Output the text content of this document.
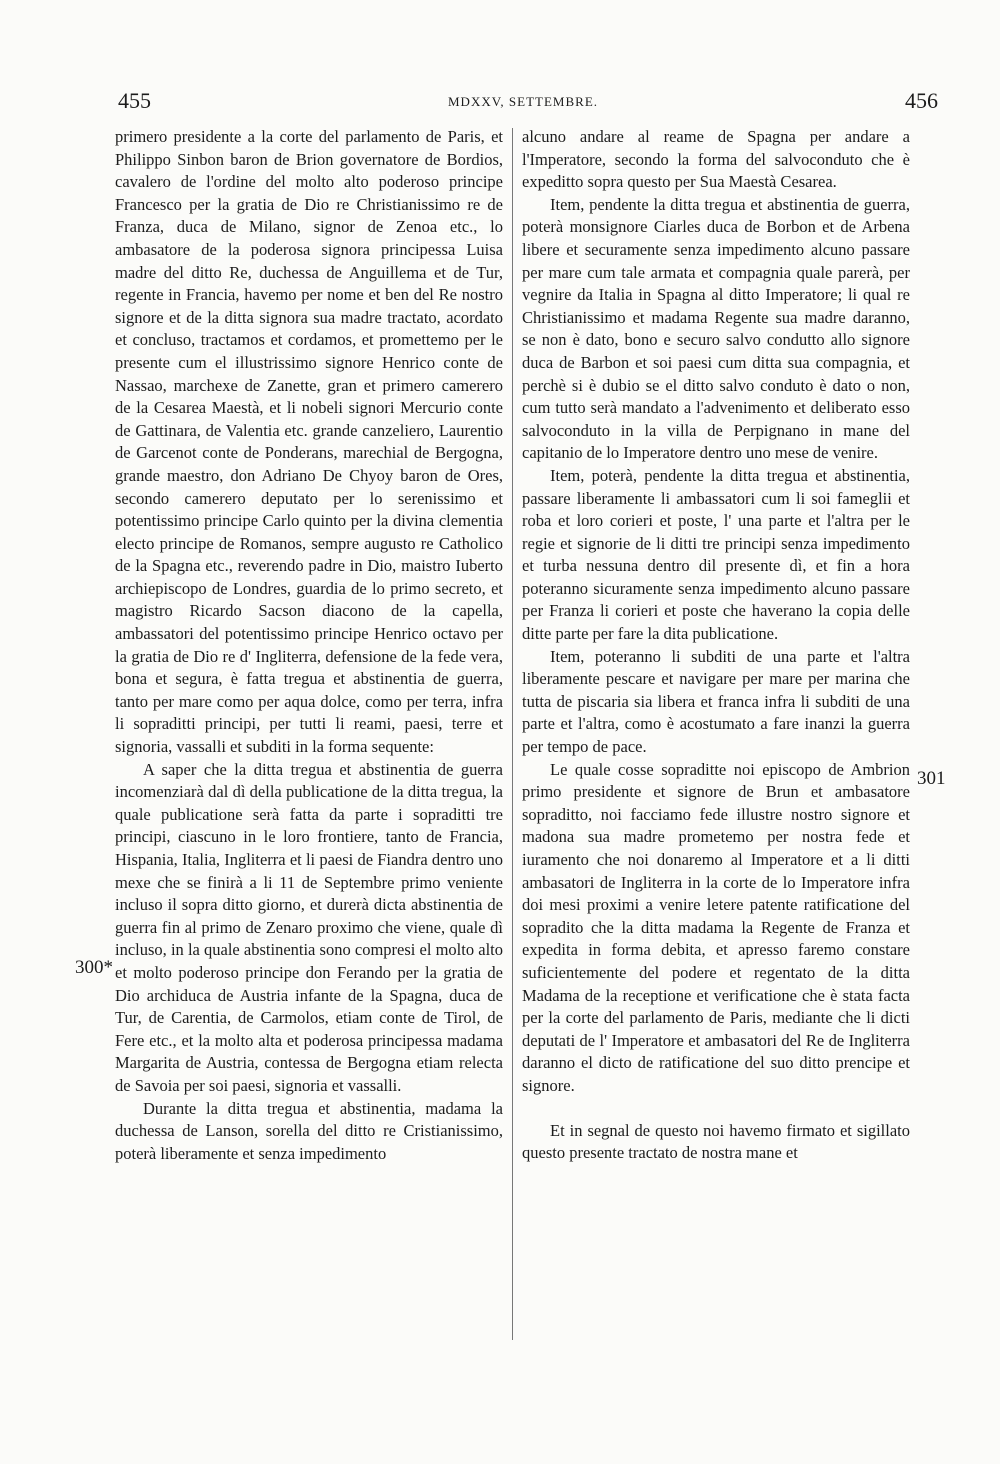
455	MDXXV, SETTEMBRE.	456
300*
301

primero presidente a la corte del parlamento de Paris, et Philippo Sinbon baron de Brion governatore de Bordios, cavalero de l'ordine del molto alto poderoso principe Francesco per la gratia de Dio re Christianissimo re de Franza, duca de Milano, signor de Zenoa etc., lo ambasatore de la poderosa signora principessa Luisa madre del ditto Re, duchessa de Anguillema et de Tur, regente in Francia, havemo per nome et ben del Re nostro signore et de la ditta signora sua madre tractato, acordato et concluso, tractamos et cordamos, et promettemo per le presente cum el illustrissimo signore Henrico conte de Nassao, marchexe de Zanette, gran et primero camerero de la Cesarea Maestà, et li nobeli signori Mercurio conte de Gattinara, de Valentia etc. grande canzeliero, Laurentio de Garcenot conte de Ponderans, marechial de Bergogna, grande maestro, don Adriano De Chyoy baron de Ores, secondo camerero deputato per lo serenissimo et potentissimo principe Carlo quinto per la divina clementia electo principe de Romanos, sempre augusto re Catholico de la Spagna etc., reverendo padre in Dio, maistro Iuberto archiepiscopo de Londres, guardia de lo primo secreto, et magistro Ricardo Sacson diacono de la capella, ambassatori del potentissimo principe Henrico octavo per la gratia de Dio re d' Ingliterra, defensione de la fede vera, bona et segura, è fatta tregua et abstinentia de guerra, tanto per mare como per aqua dolce, como per terra, infra li sopraditti principi, per tutti li reami, paesi, terre et signoria, vassalli et subditi in la forma sequente:

A saper che la ditta tregua et abstinentia de guerra incomenziarà dal dì della publicatione de la ditta tregua, la quale publicatione serà fatta da parte i sopraditti tre principi, ciascuno in le loro frontiere, tanto de Francia, Hispania, Italia, Ingliterra et li paesi de Fiandra dentro uno mexe che se finirà a li 11 de Septembre primo veniente incluso il sopra ditto giorno, et durerà dicta abstinentia de guerra fin al primo de Zenaro proximo che viene, quale dì incluso, in la quale abstinentia sono compresi el molto alto et molto poderoso principe don Ferando per la gratia de Dio archiduca de Austria infante de la Spagna, duca de Tur, de Carentia, de Carmolos, etiam conte de Tirol, de Fere etc., et la molto alta et poderosa principessa madama Margarita de Austria, contessa de Bergogna etiam relecta de Savoia per soi paesi, signoria et vassalli.

Durante la ditta tregua et abstinentia, madama la duchessa de Lanson, sorella del ditto re Cristianissimo, poterà liberamente et senza impedimento

alcuno andare al reame de Spagna per andare a l'Imperatore, secondo la forma del salvoconduto che è expeditto sopra questo per Sua Maestà Cesarea.

Item, pendente la ditta tregua et abstinentia de guerra, poterà monsignore Ciarles duca de Borbon et de Arbena libere et securamente senza impedimento alcuno passare per mare cum tale armata et compagnia quale parerà, per vegnire da Italia in Spagna al ditto Imperatore; li qual re Christianissimo et madama Regente sua madre daranno, se non è dato, bono e securo salvo condutto allo signore duca de Barbon et soi paesi cum ditta sua compagnia, et perchè si è dubio se el ditto salvo conduto è dato o non, cum tutto serà mandato a l'advenimento et deliberato esso salvoconduto in la villa de Perpignano in mane del capitanio de lo Imperatore dentro uno mese de venire.

Item, poterà, pendente la ditta tregua et abstinentia, passare liberamente li ambassatori cum li soi fameglii et roba et loro corieri et poste, l' una parte et l'altra per le regie et signorie de li ditti tre principi senza impedimento et turba nessuna dentro dil presente dì, et fin a hora poteranno sicuramente senza impedimento alcuno passare per Franza li corieri et poste che haverano la copia delle ditte parte per fare la dita publicatione.

Item, poteranno li subditi de una parte et l'altra liberamente pescare et navigare per mare per marina che tutta de piscaria sia libera et franca infra li subditi de una parte et l'altra, como è acostumato a fare inanzi la guerra per tempo de pace.

Le quale cosse sopraditte noi episcopo de Ambrion primo presidente et signore de Brun et ambasatore sopraditto, noi facciamo fede illustre nostro signore et madona sua madre prometemo per nostra fede et iuramento che noi donaremo al Imperatore et a li ditti ambasatori de Ingliterra in la corte de lo Imperatore infra doi mesi proximi a venire letere patente ratificatione del sopradito che la ditta madama la Regente de Franza et expedita in forma debita, et apresso faremo constare suficientemente del podere et regentato de la ditta Madama de la receptione et verificatione che è stata facta per la corte del parlamento de Paris, mediante che li dicti deputati de l' Imperatore et ambasatori del Re de Ingliterra daranno el dicto de ratificatione del suo ditto prencipe et signore.

Et in segnal de questo noi havemo firmato et sigillato questo presente tractato de nostra mane et
